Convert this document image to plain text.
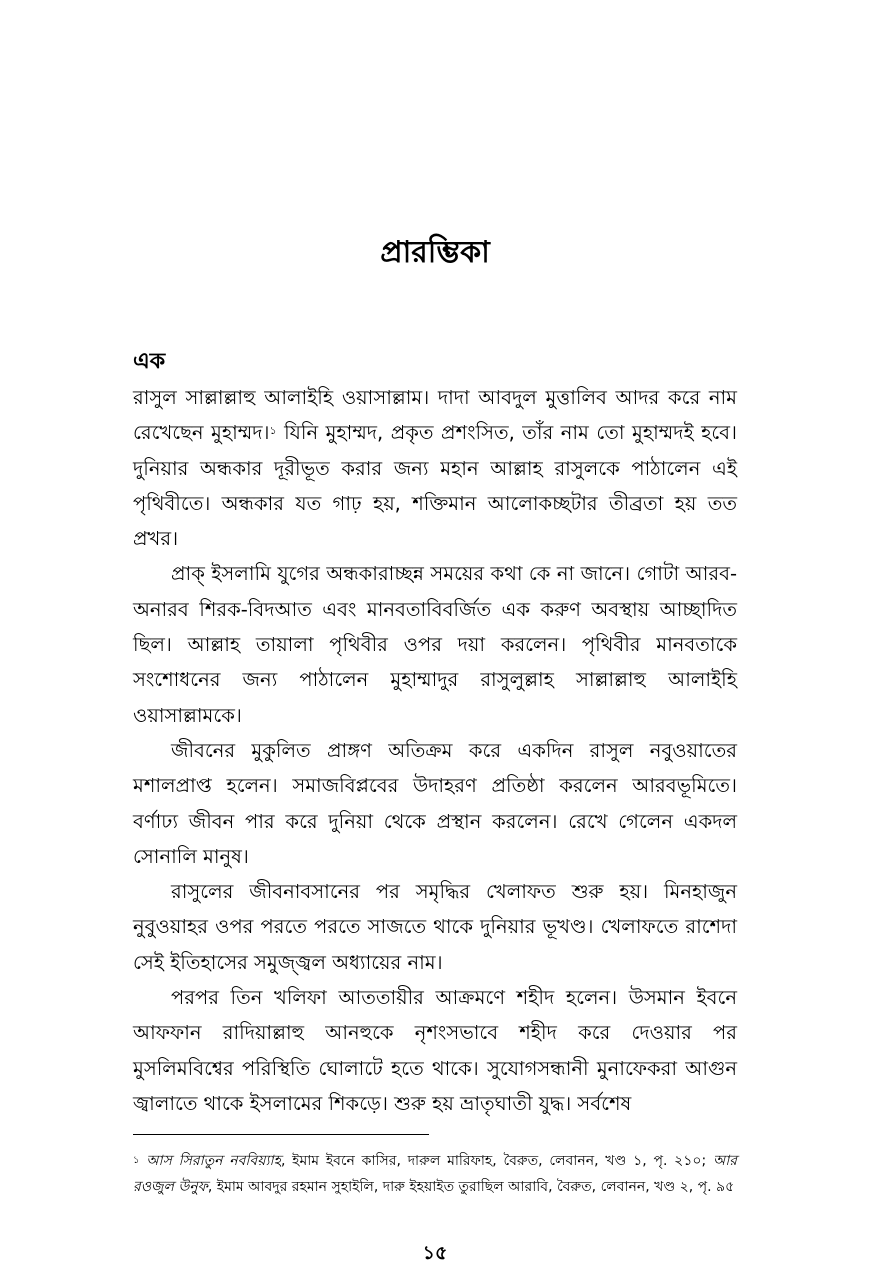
প্রারম্ভিকা
এক

রাসুল সাল্লাল্লাহু আলাইহি ওয়াসাল্লাম। দাদা আবদুল মুত্তালিব আদর করে নাম রেখেছেন মুহাম্মদ।$^১$ যিনি মুহাম্মদ, প্রকৃত প্রশংসিত, তাঁর নাম তো মুহাম্মদই হবে। দুনিয়ার অন্ধকার দূরীভূত করার জন্য মহান আল্লাহ রাসুলকে পাঠালেন এই পৃথিবীতে। অন্ধকার যত গাঢ় হয়, শক্তিমান আলোকচ্ছটার তীব্রতা হয় তত প্রখর।

প্রাক্ ইসলামি যুগের অন্ধকারাচ্ছন্ন সময়ের কথা কে না জানে। গোটা আরব-অনারব শিরক-বিদআত এবং মানবতাবিবর্জিত এক করুণ অবস্থায় আচ্ছাদিত ছিল। আল্লাহ তায়ালা পৃথিবীর ওপর দয়া করলেন। পৃথিবীর মানবতাকে সংশোধনের জন্য পাঠালেন মুহাম্মাদুর রাসুলুল্লাহ সাল্লাল্লাহু আলাইহি ওয়াসাল্লামকে।

জীবনের মুকুলিত প্রাঙ্গণ অতিক্রম করে একদিন রাসুল নবুওয়াতের মশালপ্রাপ্ত হলেন। সমাজবিপ্লবের উদাহরণ প্রতিষ্ঠা করলেন আরবভূমিতে। বর্ণাঢ্য জীবন পার করে দুনিয়া থেকে প্রস্থান করলেন। রেখে গেলেন একদল সোনালি মানুষ।

রাসুলের জীবনাবসানের পর সমৃদ্ধির খেলাফত শুরু হয়। মিনহাজুন নুবুওয়াহর ওপর পরতে পরতে সাজতে থাকে দুনিয়ার ভূখণ্ড। খেলাফতে রাশেদা সেই ইতিহাসের সমুজ্জ্বল অধ্যায়ের নাম।

পরপর তিন খলিফা আততায়ীর আক্রমণে শহীদ হলেন। উসমান ইবনে আফফান রাদিয়াল্লাহু আনহুকে নৃশংসভাবে শহীদ করে দেওয়ার পর মুসলিমবিশ্বের পরিস্থিতি ঘোলাটে হতে থাকে। সুযোগসন্ধানী মুনাফেকরা আগুন জ্বালাতে থাকে ইসলামের শিকড়ে। শুরু হয় ভ্রাতৃঘাতী যুদ্ধ। সর্বশেষ

$^১$ আস সিরাতুন নববিয়্যাহ, ইমাম ইবনে কাসির, দারুল মারিফাহ, বৈরুত, লেবানন, খণ্ড ১, পৃ. ২১০; আর রওজুল উনুফ, ইমাম আবদুর রহমান সুহাইলি, দারু ইহয়াইত তুরাছিল আরাবি, বৈরুত, লেবানন, খণ্ড ২, পৃ. ৯৫
১৫
